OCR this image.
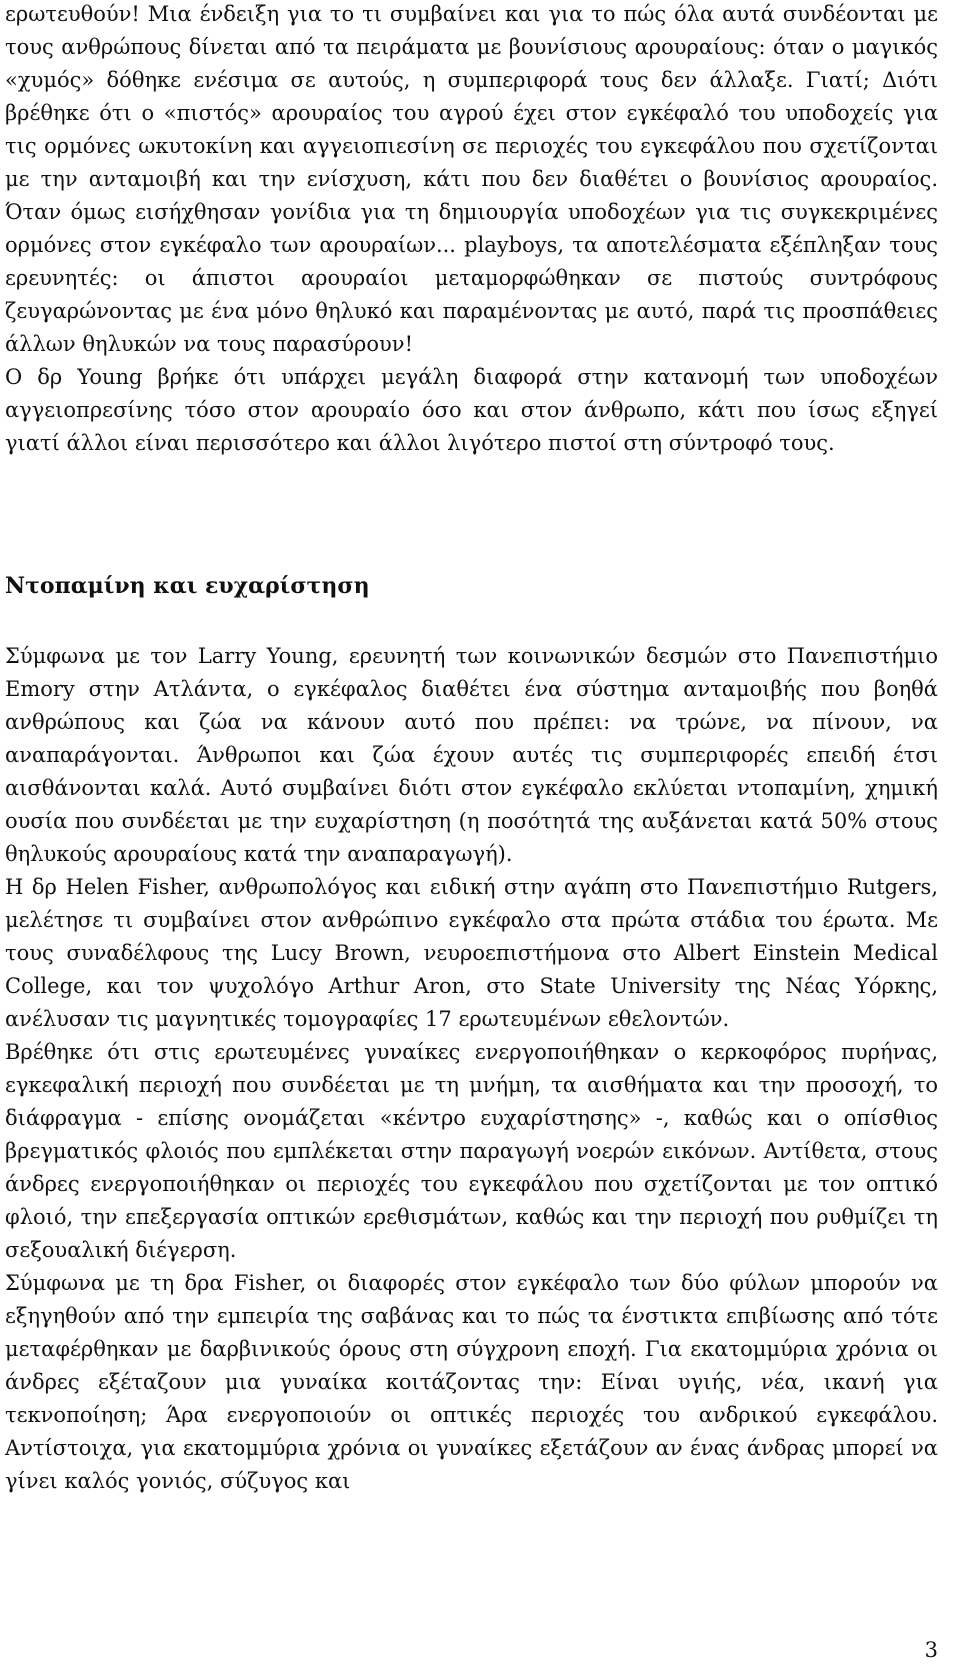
ερωτευθούν! Μια ένδειξη για το τι συμβαίνει και για το πώς όλα αυτά συνδέονται με τους ανθρώπους δίνεται από τα πειράματα με βουνίσιους αρουραίους: όταν ο μαγικός «χυμός» δόθηκε ενέσιμα σε αυτούς, η συμπεριφορά τους δεν άλλαξε. Γιατί; Διότι βρέθηκε ότι ο «πιστός» αρουραίος του αγρού έχει στον εγκέφαλό του υποδοχείς για τις ορμόνες ωκυτοκίνη και αγγειοπιεσίνη σε περιοχές του εγκεφάλου που σχετίζονται με την ανταμοιβή και την ενίσχυση, κάτι που δεν διαθέτει ο βουνίσιος αρουραίος. Όταν όμως εισήχθησαν γονίδια για τη δημιουργία υποδοχέων για τις συγκεκριμένες ορμόνες στον εγκέφαλο των αρουραίων... playboys, τα αποτελέσματα εξέπληξαν τους ερευνητές: οι άπιστοι αρουραίοι μεταμορφώθηκαν σε πιστούς συντρόφους ζευγαρώνοντας με ένα μόνο θηλυκό και παραμένοντας με αυτό, παρά τις προσπάθειες άλλων θηλυκών να τους παρασύρουν!

Ο δρ Young βρήκε ότι υπάρχει μεγάλη διαφορά στην κατανομή των υποδοχέων αγγειοπρεσίνης τόσο στον αρουραίο όσο και στον άνθρωπο, κάτι που ίσως εξηγεί γιατί άλλοι είναι περισσότερο και άλλοι λιγότερο πιστοί στη σύντροφό τους.

Ντοπαμίνη και ευχαρίστηση

Σύμφωνα με τον Larry Young, ερευνητή των κοινωνικών δεσμών στο Πανεπιστήμιο Emory στην Ατλάντα, ο εγκέφαλος διαθέτει ένα σύστημα ανταμοιβής που βοηθά ανθρώπους και ζώα να κάνουν αυτό που πρέπει: να τρώνε, να πίνουν, να αναπαράγονται. Άνθρωποι και ζώα έχουν αυτές τις συμπεριφορές επειδή έτσι αισθάνονται καλά. Αυτό συμβαίνει διότι στον εγκέφαλο εκλύεται ντοπαμίνη, χημική ουσία που συνδέεται με την ευχαρίστηση (η ποσότητά της αυξάνεται κατά 50% στους θηλυκούς αρουραίους κατά την αναπαραγωγή).

Η δρ Helen Fisher, ανθρωπολόγος και ειδική στην αγάπη στο Πανεπιστήμιο Rutgers, μελέτησε τι συμβαίνει στον ανθρώπινο εγκέφαλο στα πρώτα στάδια του έρωτα. Με τους συναδέλφους της Lucy Brown, νευροεπιστήμονα στο Albert Einstein Medical College, και τον ψυχολόγο Arthur Aron, στο State University της Νέας Υόρκης, ανέλυσαν τις μαγνητικές τομογραφίες 17 ερωτευμένων εθελοντών.

Βρέθηκε ότι στις ερωτευμένες γυναίκες ενεργοποιήθηκαν ο κερκοφόρος πυρήνας, εγκεφαλική περιοχή που συνδέεται με τη μνήμη, τα αισθήματα και την προσοχή, το διάφραγμα - επίσης ονομάζεται «κέντρο ευχαρίστησης» -, καθώς και ο οπίσθιος βρεγματικός φλοιός που εμπλέκεται στην παραγωγή νοερών εικόνων. Αντίθετα, στους άνδρες ενεργοποιήθηκαν οι περιοχές του εγκεφάλου που σχετίζονται με τον οπτικό φλοιό, την επεξεργασία οπτικών ερεθισμάτων, καθώς και την περιοχή που ρυθμίζει τη σεξουαλική διέγερση.

Σύμφωνα με τη δρα Fisher, οι διαφορές στον εγκέφαλο των δύο φύλων μπορούν να εξηγηθούν από την εμπειρία της σαβάνας και το πώς τα ένστικτα επιβίωσης από τότε μεταφέρθηκαν με δαρβινικούς όρους στη σύγχρονη εποχή. Για εκατομμύρια χρόνια οι άνδρες εξέταζουν μια γυναίκα κοιτάζοντας την: Είναι υγιής, νέα, ικανή για τεκνοποίηση; Άρα ενεργοποιούν οι οπτικές περιοχές του ανδρικού εγκεφάλου. Αντίστοιχα, για εκατομμύρια χρόνια οι γυναίκες εξετάζουν αν ένας άνδρας μπορεί να γίνει καλός γονιός, σύζυγος και

3
